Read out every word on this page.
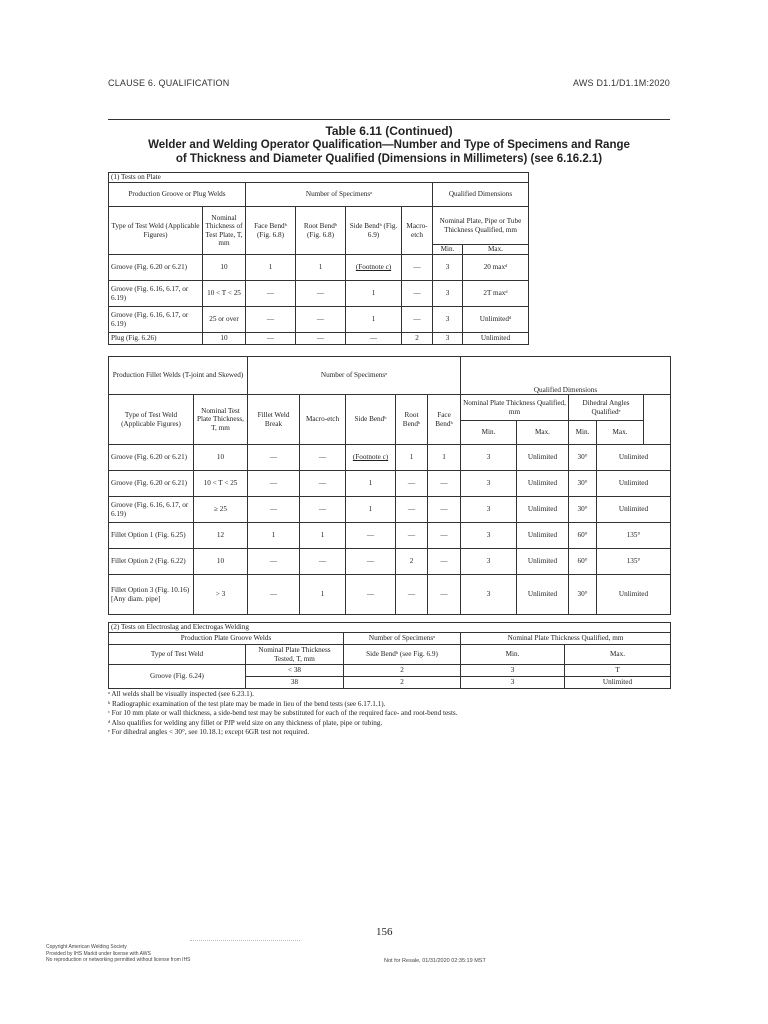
CLAUSE 6. QUALIFICATION	AWS D1.1/D1.1M:2020
Table 6.11 (Continued)
Welder and Welding Operator Qualification—Number and Type of Specimens and Range
of Thickness and Diameter Qualified (Dimensions in Millimeters) (see 6.16.2.1)
(1) Tests on Plate							
Production Groove or Plug Welds		Number of Specimensᵃ				Qualified Dimensions	
Type of Test Weld (Applicable Figures)	Nominal Thickness of Test Plate, T, mm	Face Bendᵇ (Fig. 6.8)	Root Bendᵇ (Fig. 6.8)	Side Bendᵇ (Fig. 6.9)	Macro-etch	Nominal Plate, Pipe or Tube Thickness Qualified, mm	
						Min.	Max.
Groove (Fig. 6.20 or 6.21)	10	1	1	(Footnote c)	—	3	20 maxᵈ
Groove (Fig. 6.16, 6.17, or 6.19)	10 < T < 25	—	—	1	—	3	2T maxᵈ
Groove (Fig. 6.16, 6.17, or 6.19)	25 or over	—	—	1	—	3	Unlimitedᵈ
Plug (Fig. 6.26)	10	—	—	—	2	3	Unlimited
Production Fillet Welds (T-joint and Skewed)		Number of Specimensᵃ					Qualified Dimensions				
Type of Test Weld (Applicable Figures)	Nominal Test Plate Thickness, T, mm	Fillet Weld Break	Macro-etch	Side Bendᵇ	Root Bendᵇ	Face Bendᵇ	Nominal Plate Thickness Qualified, mm		Dihedral Angles Qualifiedᵉ		
							Min.	Max.	Min.	Max.	
Groove (Fig. 6.20 or 6.21)	10	—	—	(Footnote c)	1	1	3	Unlimited	30°	Unlimited	
Groove (Fig. 6.20 or 6.21)	10 < T < 25	—	—	1	—	—	3	Unlimited	30°	Unlimited	
Groove (Fig. 6.16, 6.17, or 6.19)	≥ 25	—	—	1	—	—	3	Unlimited	30°	Unlimited	
Fillet Option 1 (Fig. 6.25)	12	1	1	—	—	—	3	Unlimited	60°	135°	
Fillet Option 2 (Fig. 6.22)	10	—	—	—	2	—	3	Unlimited	60°	135°	
Fillet Option 3 (Fig. 10.16) [Any diam. pipe]	> 3	—	1	—	—	—	3	Unlimited	30°	Unlimited	
(2) Tests on Electroslag and Electrogas Welding				
Production Plate Groove Welds		Number of Specimensᵃ	Nominal Plate Thickness Qualified, mm	
Type of Test Weld	Nominal Plate Thickness Tested, T, mm	Side Bendᵇ (see Fig. 6.9)	Min.	Max.
Groove (Fig. 6.24)	< 38	2	3	T
	38	2	3	Unlimited
ᵃ All welds shall be visually inspected (see 6.23.1).
ᵇ Radiographic examination of the test plate may be made in lieu of the bend tests (see 6.17.1.1).
ᶜ For 10 mm plate or wall thickness, a side-bend test may be substituted for each of the required face- and root-bend tests.
ᵈ Also qualifies for welding any fillet or PJP weld size on any thickness of plate, pipe or tubing.
ᵉ For dihedral angles < 30°, see 10.18.1; except 6GR test not required.
156
Copyright American Welding Society
Provided by IHS Markit under license with AWS
No reproduction or networking permitted without license from IHS	Not for Resale, 01/31/2020 02:35:19 MST
